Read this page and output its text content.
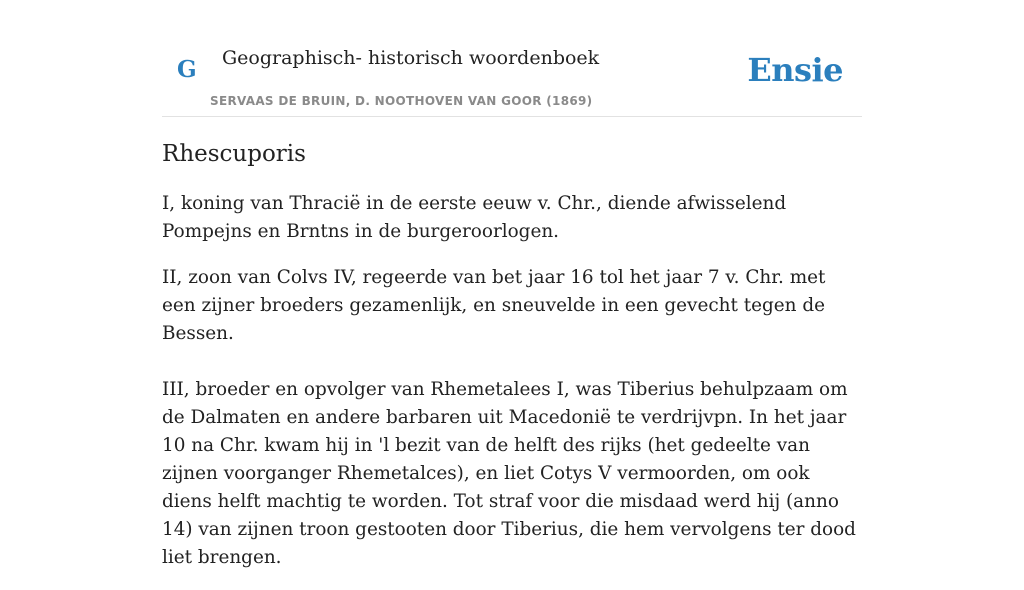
G Geographisch- historisch woordenboek
SERVAAS DE BRUIN, D. NOOTHOVEN VAN GOOR (1869)
Ensie
Rhescuporis

I, koning van Thracië in de eerste eeuw v. Chr., diende afwisselend Pompejns en Brntns in de burgeroorlogen.

II, zoon van Colvs IV, regeerde van bet jaar 16 tol het jaar 7 v. Chr. met een zijner broeders gezamenlijk, en sneuvelde in een gevecht tegen de Bessen.

III, broeder en opvolger van Rhemetalees I, was Tiberius behulpzaam om de Dalmaten en andere barbaren uit Macedonië te verdrijvpn. In het jaar 10 na Chr. kwam hij in 'l bezit van de helft des rijks (het gedeelte van zijnen voorganger Rhemetalces), en liet Cotys V vermoorden, om ook diens helft machtig te worden. Tot straf voor die misdaad werd hij (anno 14) van zijnen troon gestooten door Tiberius, die hem vervolgens ter dood liet brengen.
